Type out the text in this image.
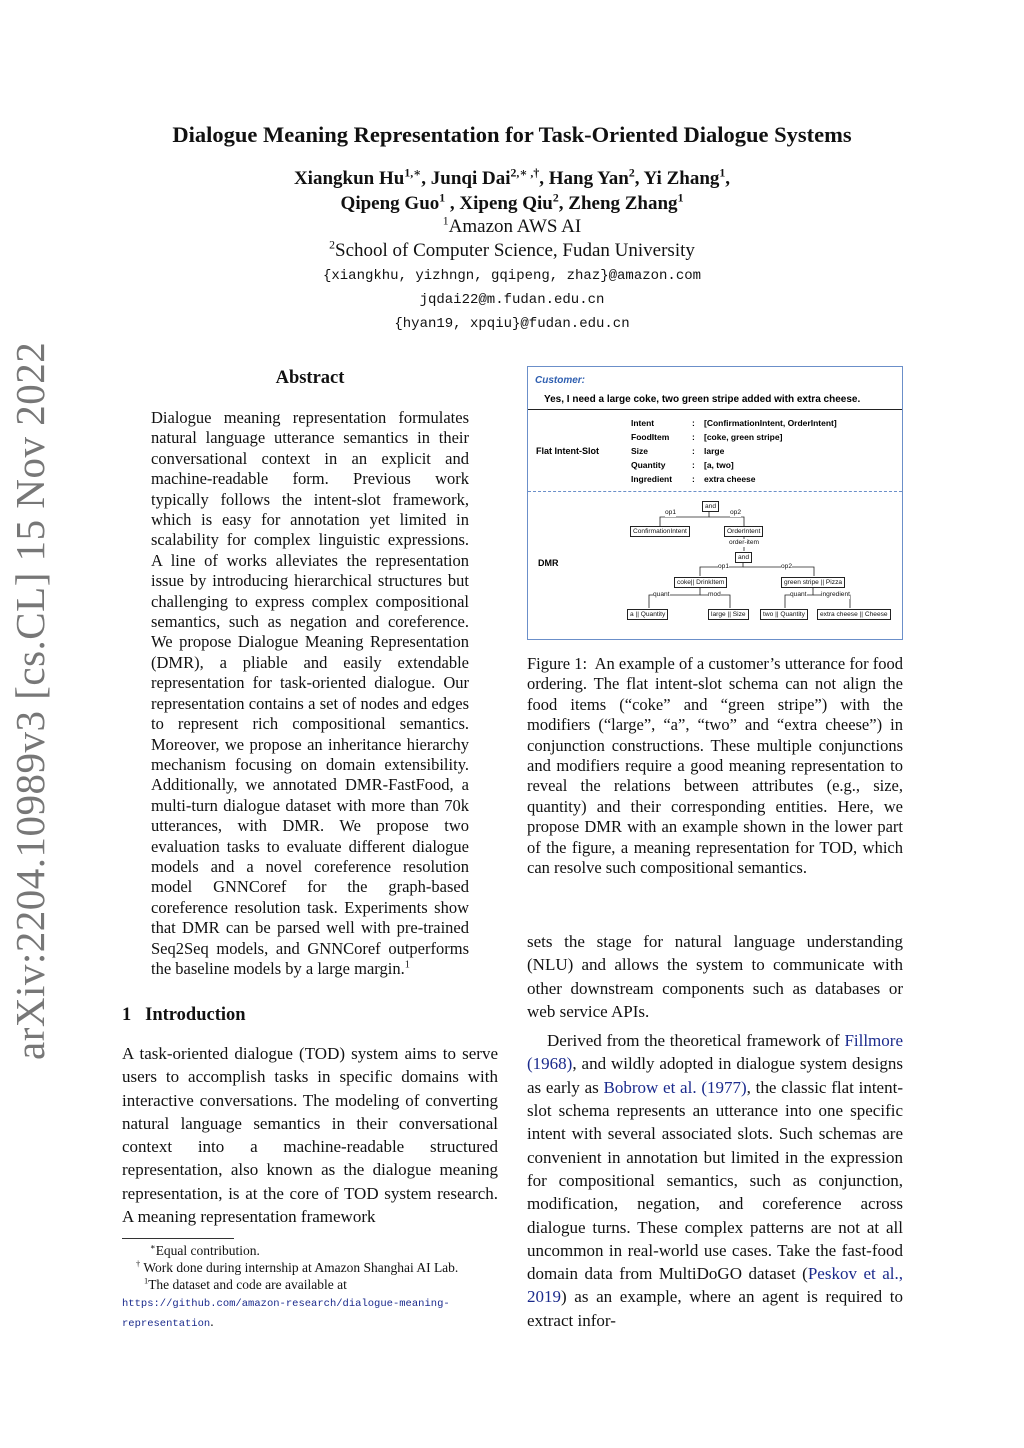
arXiv:2204.10989v3 [cs.CL] 15 Nov 2022
Dialogue Meaning Representation for Task-Oriented Dialogue Systems
Xiangkun $Hu^{1,∗}$, Junqi Dai$^{2,∗ ,\dagger}$, Hang Yan$^2$, Yi Zhang$^1$,
Qipeng Guo$^1$ , Xipeng Qiu$^2$, Zheng Zhang$^1$
$^1$Amazon AWS AI
$^2$School of Computer Science, Fudan University
{xiangkhu, yizhngn, gqipeng, zhaz}@amazon.com
jqdai22@m.fudan.edu.cn
{hyan19, xpqiu}@fudan.edu.cn
Abstract
Dialogue meaning representation formulates natural language utterance semantics in their conversational context in an explicit and machine-readable form. Previous work typically follows the intent-slot framework, which is easy for annotation yet limited in scalability for complex linguistic expressions. A line of works alleviates the representation issue by introducing hierarchical structures but challenging to express complex compositional semantics, such as negation and coreference. We propose Dialogue Meaning Representation (DMR), a pliable and easily extendable representation for task-oriented dialogue. Our representation contains a set of nodes and edges to represent rich compositional semantics. Moreover, we propose an inheritance hierarchy mechanism focusing on domain extensibility. Additionally, we annotated DMR-FastFood, a multi-turn dialogue dataset with more than 70k utterances, with DMR. We propose two evaluation tasks to evaluate different dialogue models and a novel coreference resolution model GNNCoref for the graph-based coreference resolution task. Experiments show that DMR can be parsed well with pre-trained Seq2Seq models, and GNNCoref outperforms the baseline models by a large margin.$^1$
1 Introduction
A task-oriented dialogue (TOD) system aims to serve users to accomplish tasks in specific domains with interactive conversations. The modeling of converting natural language semantics in their conversational context into a machine-readable structured representation, also known as the dialogue meaning representation, is at the core of TOD system research. A meaning representation framework
∗Equal contribution.
† Work done during internship at Amazon Shanghai AI Lab.
$^1$The dataset and code are available at https://github.com/amazon-research/dialogue-meaning-representation.
Customer:
Yes, I need a large coke, two green stripe added with extra cheese.
Flat Intent-Slot
Intent	: [ConfirmationIntent, OrderIntent]
FoodItem	: [coke, green stripe]
Size	: large
Quantity	: [a, two]
Ingredient : extra cheese
DMR
and
ConfirmationIntent	OrderIntent
and
coke|| DrinkItem	green stripe || Pizza
a || Quantity	large || Size	two || Quantity	extra cheese || Cheese
op1	op2
order-item
op1	op2
quant	mod	quant ingredient
Figure 1: An example of a customer’s utterance for food ordering. The flat intent-slot schema can not align the food items (“coke” and “green stripe”) with the modifiers (“large”, “a”, “two” and “extra cheese”) in conjunction constructions. These multiple conjunctions and modifiers require a good meaning representation to reveal the relations between attributes (e.g., size, quantity) and their corresponding entities. Here, we propose DMR with an example shown in the lower part of the figure, a meaning representation for TOD, which can resolve such compositional semantics.

sets the stage for natural language understanding (NLU) and allows the system to communicate with other downstream components such as databases or web service APIs.

Derived from the theoretical framework of Fillmore (1968), and wildly adopted in dialogue system designs as early as Bobrow et al. (1977), the classic flat intent-slot schema represents an utterance into one specific intent with several associated slots. Such schemas are convenient in annotation but limited in the expression for compositional semantics, such as conjunction, modification, negation, and coreference across dialogue turns. These complex patterns are not at all uncommon in real-world use cases. Take the fast-food domain data from MultiDoGO dataset (Peskov et al., 2019) as an example, where an agent is required to extract infor-
